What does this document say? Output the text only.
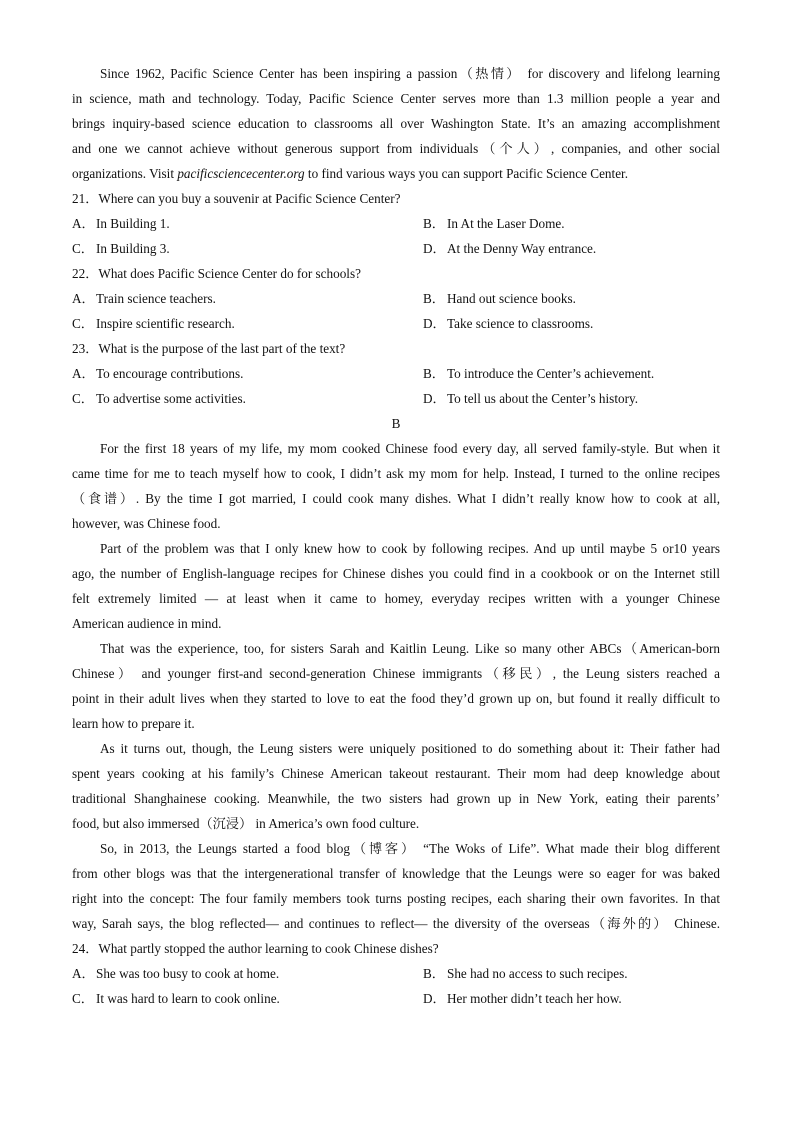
Since 1962, Pacific Science Center has been inspiring a passion（热情） for discovery and lifelong learning
in science, math and technology. Today, Pacific Science Center serves more than 1.3 million people a year and
brings inquiry-based science education to classrooms all over Washington State. It’s an amazing accomplishment
and one we cannot achieve without generous support from individuals（个人）, companies, and other social
organizations. Visit pacificsciencecenter.org to find various ways you can support Pacific Science Center.
21．Where can you buy a souvenir at Pacific Science Center?
A．In Building 1.	B． In At the Laser Dome.
C． In Building 3.	D．At the Denny Way entrance.
22．What does Pacific Science Center do for schools?
A．Train science teachers.	B． Hand out science books.
C． Inspire scientific research.	D．Take science to classrooms.
23．What is the purpose of the last part of the text?
A．To encourage contributions.	B． To introduce the Center’s achievement.
C． To advertise some activities.	D．To tell us about the Center’s history.
B
For the first 18 years of my life, my mom cooked Chinese food every day, all served family-style. But when it
came time for me to teach myself how to cook, I didn’t ask my mom for help. Instead, I turned to the online recipes
（食谱）. By the time I got married, I could cook many dishes. What I didn’t really know how to cook at all,
however, was Chinese food.
Part of the problem was that I only knew how to cook by following recipes. And up until maybe 5 or10 years
ago, the number of English-language recipes for Chinese dishes you could find in a cookbook or on the Internet still
felt extremely limited — at least when it came to homey, everyday recipes written with a younger Chinese
American audience in mind.
That was the experience, too, for sisters Sarah and Kaitlin Leung. Like so many other ABCs（American-born
Chinese） and younger first-and second-generation Chinese immigrants（移民）, the Leung sisters reached a
point in their adult lives when they started to love to eat the food they’d grown up on, but found it really difficult to
learn how to prepare it.
As it turns out, though, the Leung sisters were uniquely positioned to do something about it: Their father had
spent years cooking at his family’s Chinese American takeout restaurant. Their mom had deep knowledge about
traditional Shanghainese cooking. Meanwhile, the two sisters had grown up in New York, eating their parents’
food, but also immersed（沉浸） in America’s own food culture.
So, in 2013, the Leungs started a food blog（博客） “The Woks of Life”. What made their blog different
from other blogs was that the intergenerational transfer of knowledge that the Leungs were so eager for was baked
right into the concept: The four family members took turns posting recipes, each sharing their own favorites. In that
way, Sarah says, the blog reflected— and continues to reflect— the diversity of the overseas（海外的） Chinese.
24．What partly stopped the author learning to cook Chinese dishes?
A．She was too busy to cook at home.	B． She had no access to such recipes.
C． It was hard to learn to cook online.	D．Her mother didn’t teach her how.
